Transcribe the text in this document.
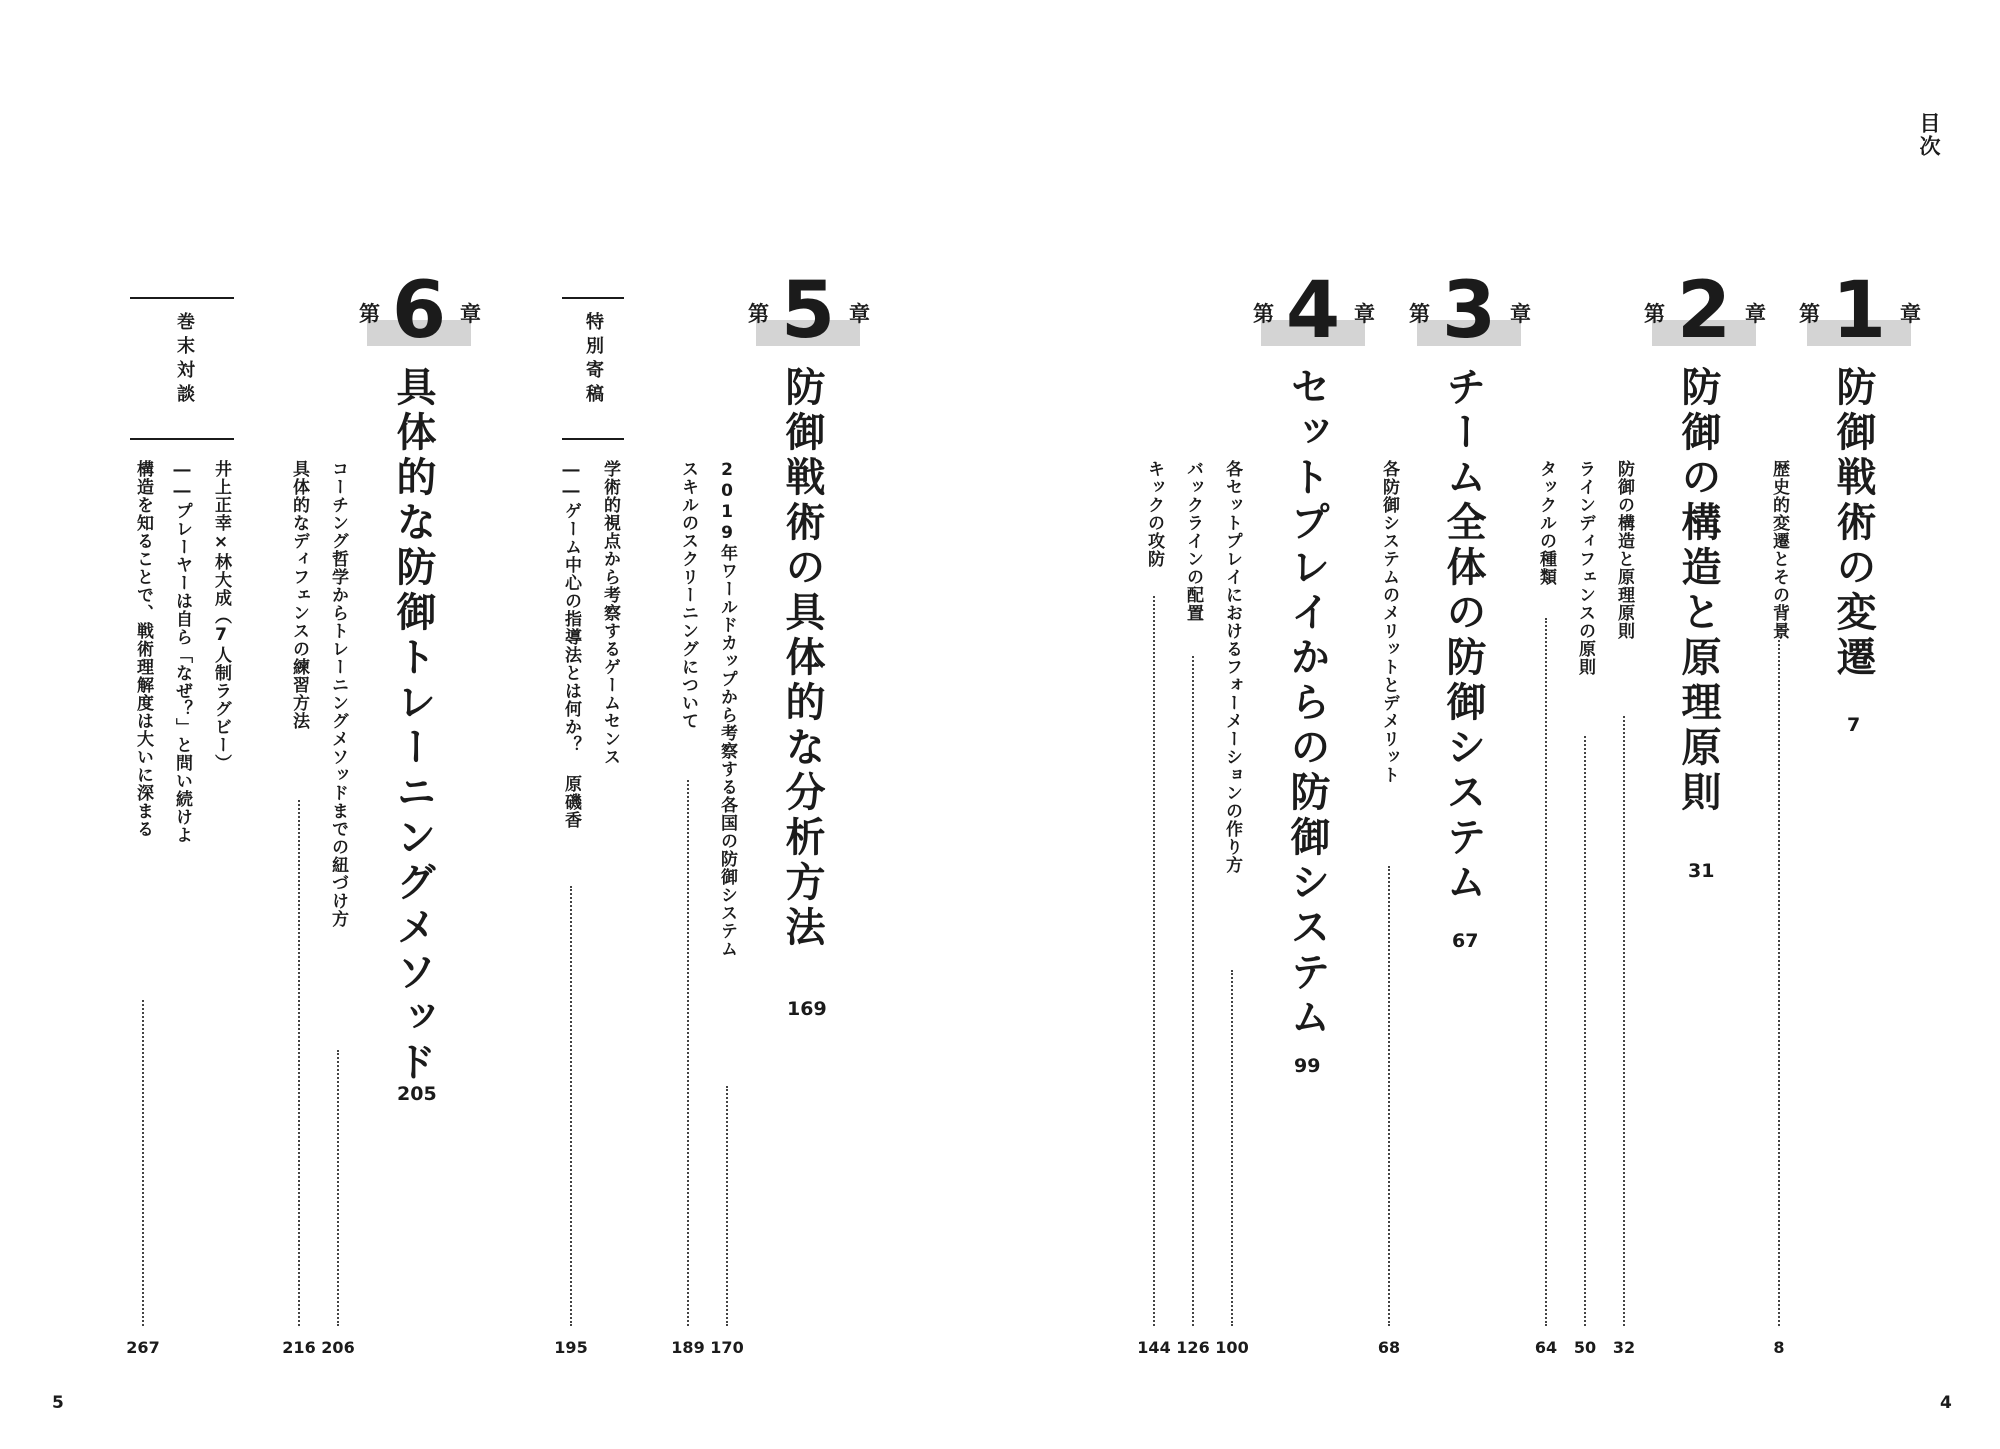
目次
4
5
第 1 章
防御戦術の変遷
7
歴史的変遷とその背景
8
第 2 章
防御の構造と原理原則
31
防御の構造と原理原則
32
ラインディフェンスの原則
50
タックルの種類
64
第 3 章
チーム全体の防御システム
67
各防御システムのメリットとデメリット
68
第 4 章
セットプレイからの防御システム
99
各セットプレイにおけるフォーメーションの作り方
100
バックラインの配置
126
キックの攻防
144
第 5 章
防御戦術の具体的な分析方法
169
2019年ワールドカップから考察する各国の防御システム
170
スキルのスクリーニングについて
189
特別寄稿
学術的視点から考察するゲームセンス
――ゲーム中心の指導法とは何か？ 原磯香
195
第 6 章
具体的な防御トレーニングメソッド
205
コーチング哲学からトレーニングメソッドまでの紐づけ方
206
具体的なディフェンスの練習方法
216
巻末対談
井上正幸×林大成（7人制ラグビー）
――プレーヤーは自ら「なぜ？」と問い続けよ
構造を知ることで、戦術理解度は大いに深まる
267
